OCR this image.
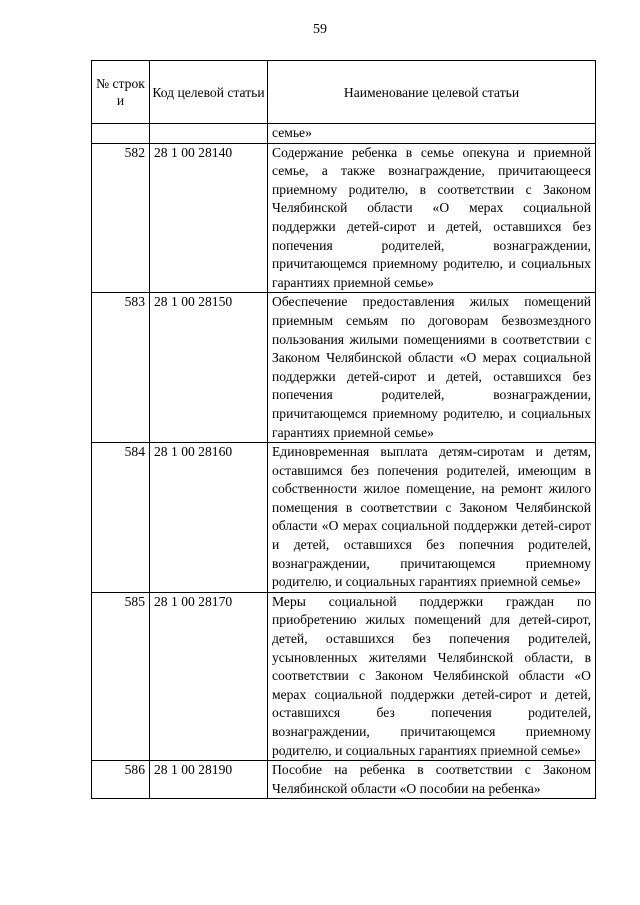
59
№ строк и	Код целевой статьи	Наименование целевой статьи
		семье»
582	28 1 00 28140	Содержание ребенка в семье опекуна и приемной семье, а также вознаграждение, причитающееся приемному родителю, в соответствии с Законом Челябинской области «О мерах социальной поддержки детей-сирот и детей, оставшихся без попечения родителей, вознаграждении, причитающемся приемному родителю, и социальных гарантиях приемной семье»
583	28 1 00 28150	Обеспечение предоставления жилых помещений приемным семьям по договорам безвозмездного пользования жилыми помещениями в соответствии с Законом Челябинской области «О мерах социальной поддержки детей-сирот и детей, оставшихся без попечения родителей, вознаграждении, причитающемся приемному родителю, и социальных гарантиях приемной семье»
584	28 1 00 28160	Единовременная выплата детям-сиротам и детям, оставшимся без попечения родителей, имеющим в собственности жилое помещение, на ремонт жилого помещения в соответствии с Законом Челябинской области «О мерах социальной поддержки детей-сирот и детей, оставшихся без попечния родителей, вознаграждении, причитающемся приемному родителю, и социальных гарантиях приемной семье»
585	28 1 00 28170	Меры социальной поддержки граждан по приобретению жилых помещений для детей-сирот, детей, оставшихся без попечения родителей, усыновленных жителями Челябинской области, в соответствии с Законом Челябинской области «О мерах социальной поддержки детей-сирот и детей, оставшихся без попечения родителей, вознаграждении, причитающемся приемному родителю, и социальных гарантиях приемной семье»
586	28 1 00 28190	Пособие на ребенка в соответствии с Законом Челябинской области «О пособии на ребенка»
